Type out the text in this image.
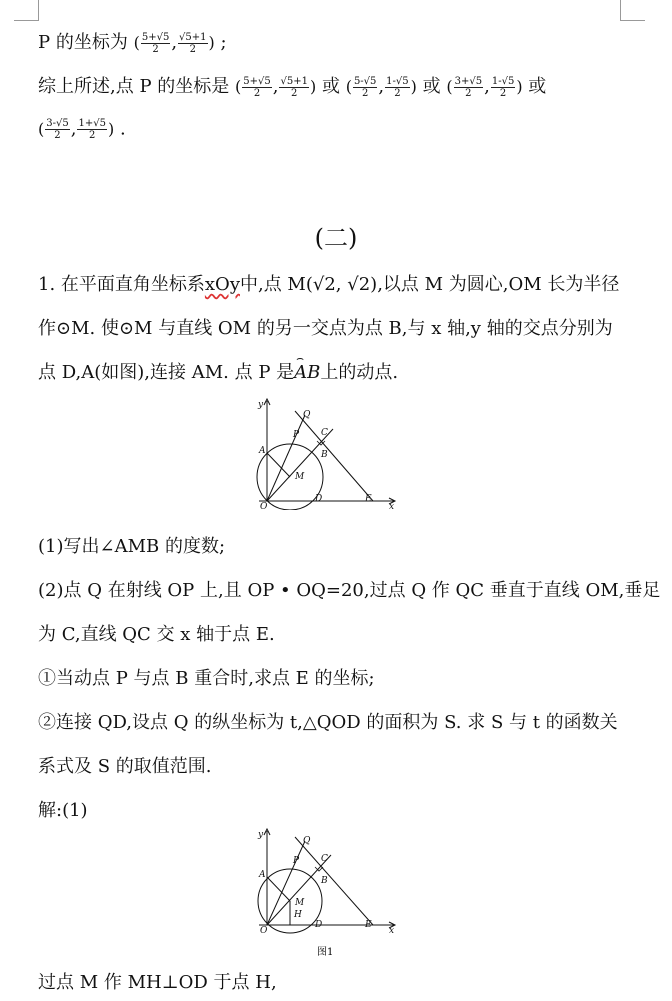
P 的坐标为 ( $\frac{5+√5}{2}$ , $\frac{√5+1}{2}$ ) ;
综上所述,点 P 的坐标是 ( $\frac{5+√5}{2}$ , $\frac{√5+1}{2}$ ) 或 ( $\frac{5-√5}{2}$ , $\frac{1-√5}{2}$ ) 或 ( $\frac{3+√5}{2}$ , $\frac{1-√5}{2}$ ) 或
( $\frac{3-√5}{2}$ , $\frac{1+√5}{2}$ ) .
(二)
1. 在平面直角坐标系xOy中,点 M(√2, √2),以点 M 为圆心,OM 长为半径
作⊙M. 使⊙M 与直线 OM 的另一交点为点 B,与 x 轴,y 轴的交点分别为
点 D,A(如图),连接 AM. 点 P 是⌢ AB上的动点.
y
x
O
A
P
Q
C
B
M
D	E
(1)写出∠AMB 的度数;
(2)点 Q 在射线 OP 上,且 OP • OQ=20,过点 Q 作 QC 垂直于直线 OM,垂足
为 C,直线 QC 交 x 轴于点 E.
①当动点 P 与点 B 重合时,求点 E 的坐标;
②连接 QD,设点 Q 的纵坐标为 t,△QOD 的面积为 S. 求 S 与 t 的函数关
系式及 S 的取值范围.
解:(1)
y
x
O
A
P
Q
C
B
M
H
D	E
图1
过点 M 作 MH⊥OD 于点 H,
